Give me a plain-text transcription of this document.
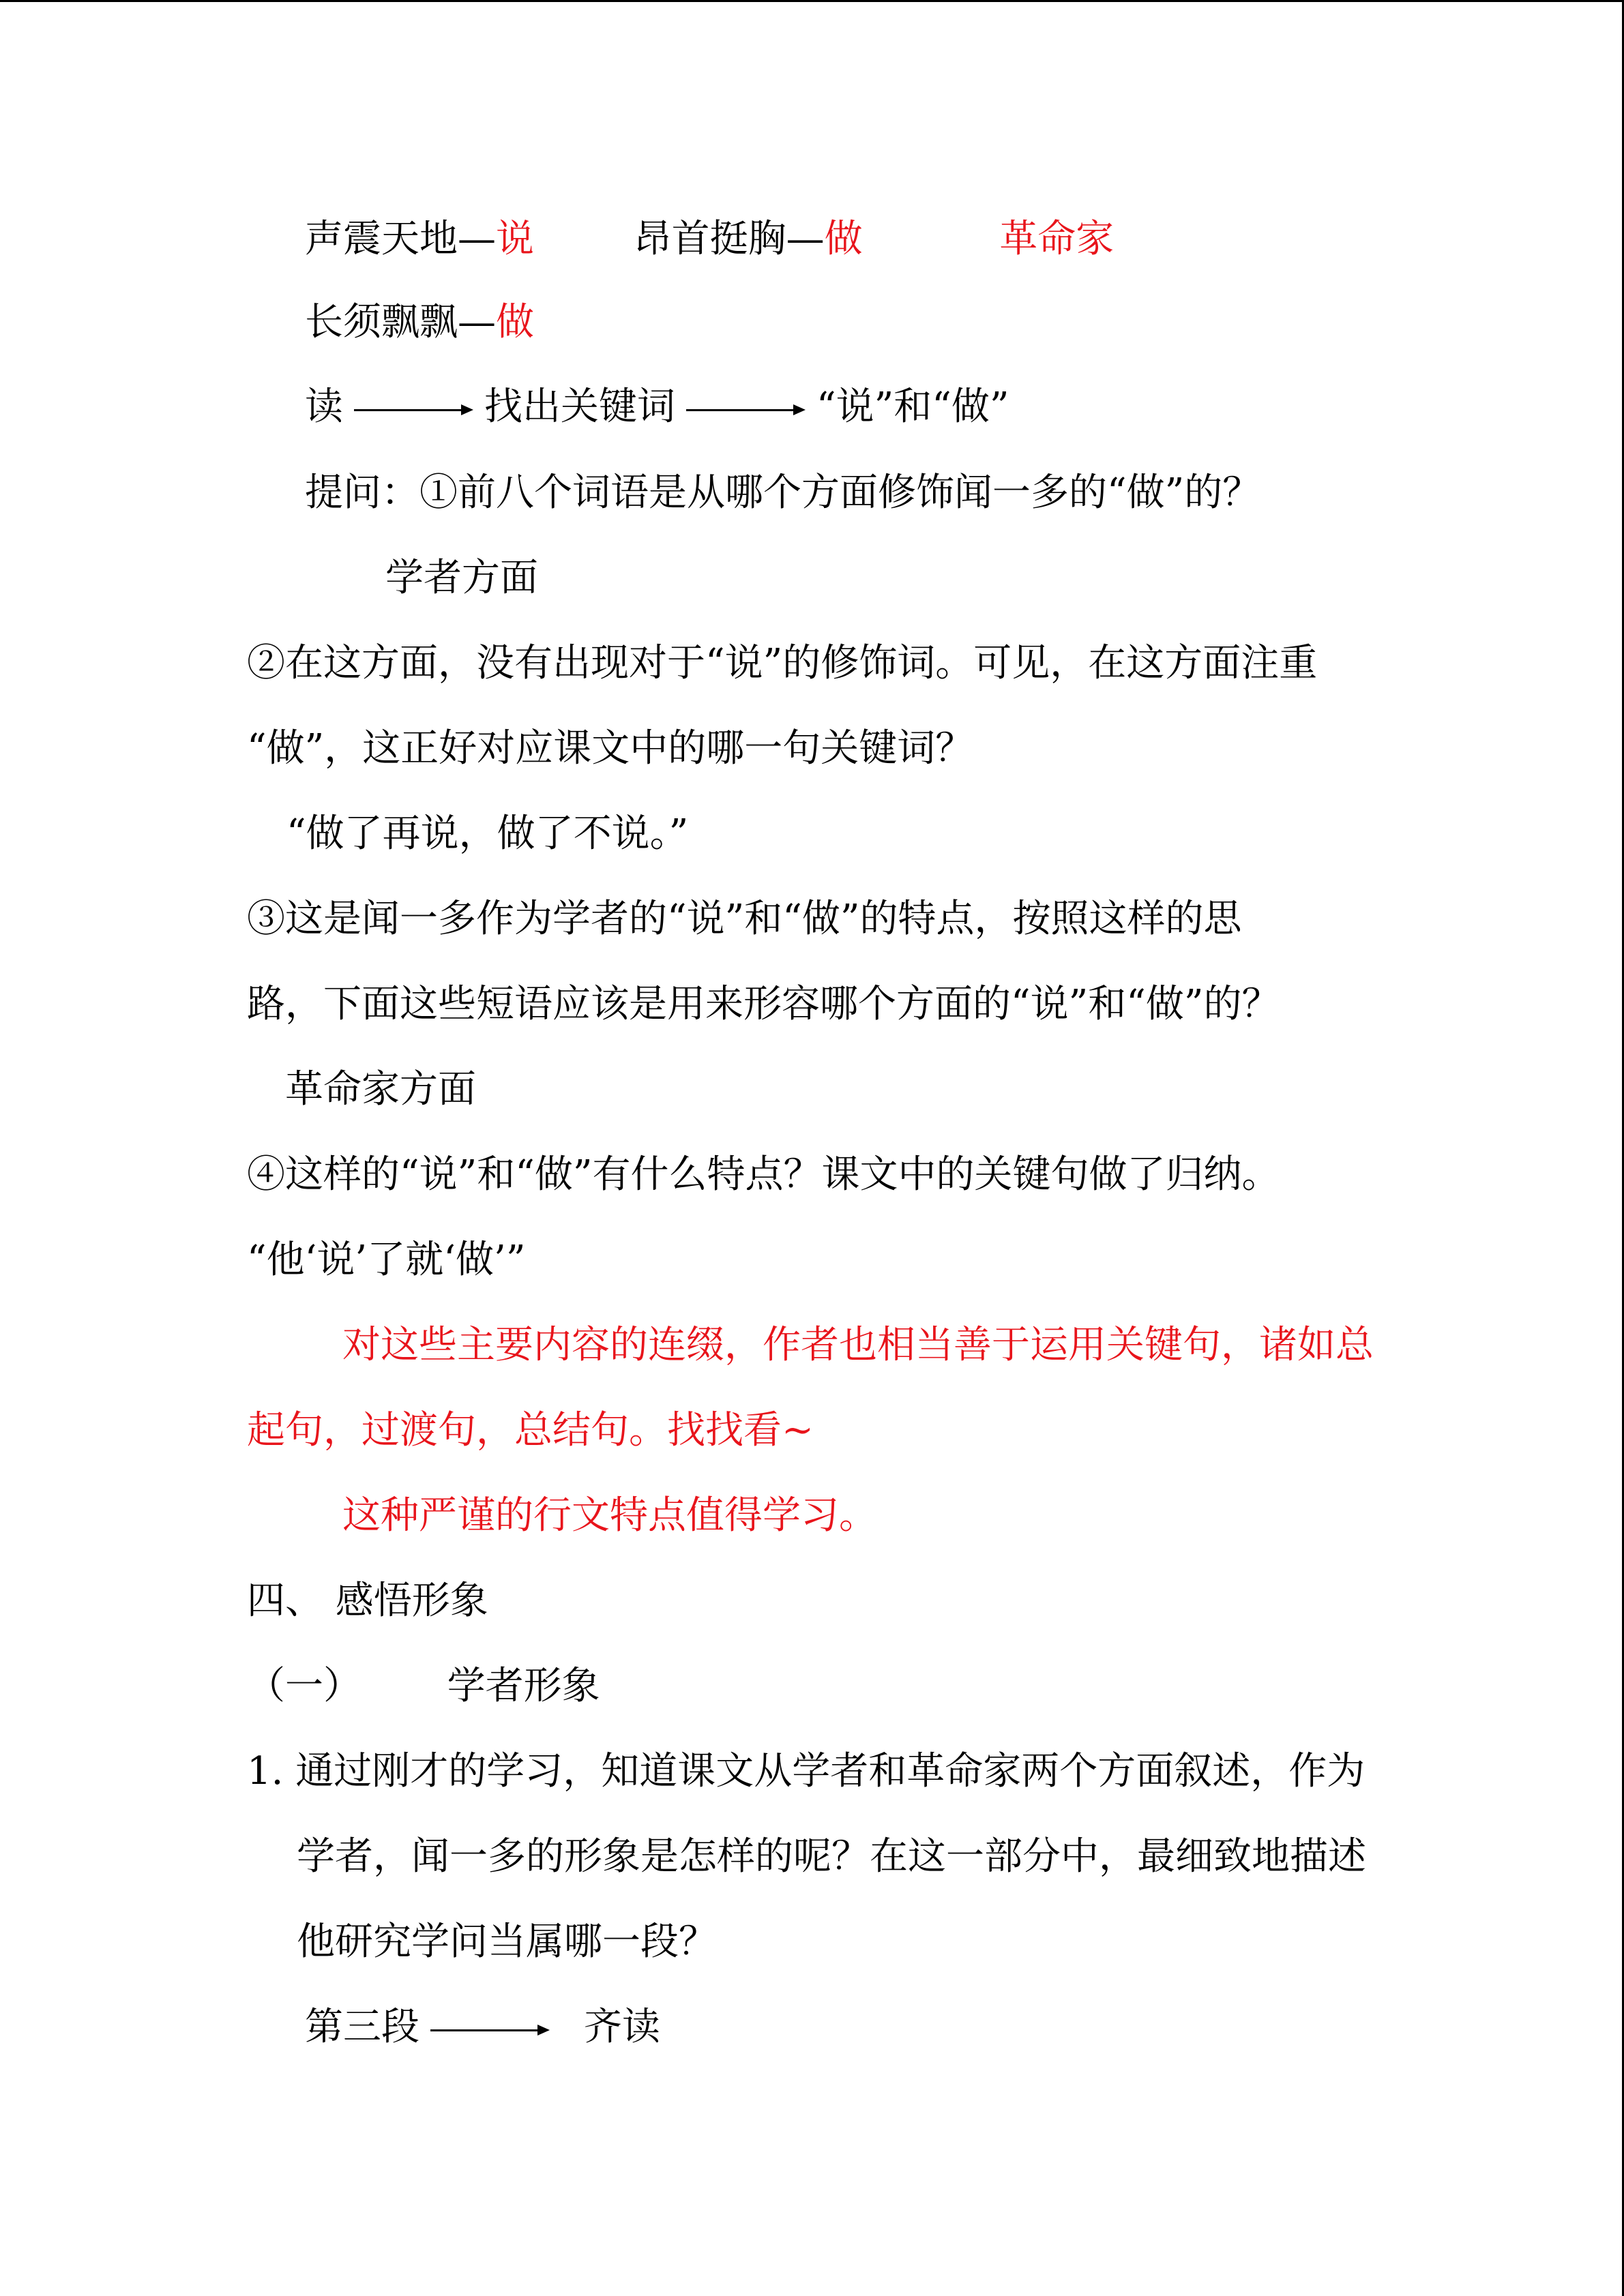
声震天地—说	昂首挺胸—做	革命家
长须飘飘—做
读	找出关键词	“说”和“做”
提问：①前八个词语是从哪个方面修饰闻一多的“做”的？
学者方面
②在这方面，没有出现对于“说”的修饰词。可见，在这方面注重
“做”，这正好对应课文中的哪一句关键词？
“做了再说，做了不说。”
③这是闻一多作为学者的“说”和“做”的特点，按照这样的思
路，下面这些短语应该是用来形容哪个方面的“说”和“做”的？
革命家方面
④这样的“说”和“做”有什么特点？课文中的关键句做了归纳。
“他‘说’了就‘做’”
对这些主要内容的连缀，作者也相当善于运用关键句，诸如总
起句，过渡句，总结句。找找看~
这种严谨的行文特点值得学习。
四、 感悟形象
（一） 学者形象
1. 通过刚才的学习，知道课文从学者和革命家两个方面叙述，作为
学者，闻一多的形象是怎样的呢？在这一部分中，最细致地描述
他研究学问当属哪一段？
第三段	齐读
